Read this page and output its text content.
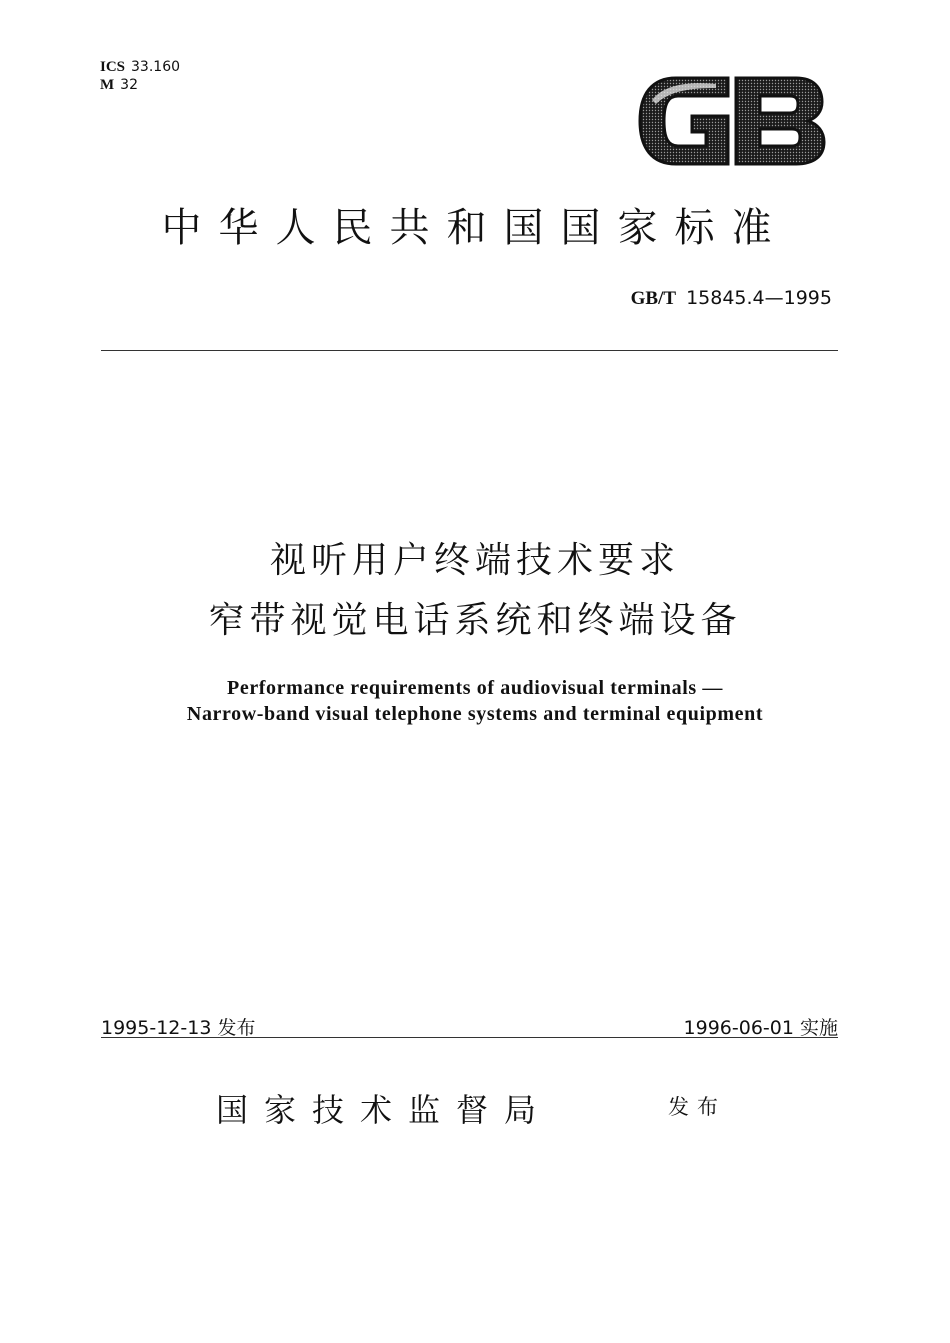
ICS 33.160
M 32
中华人民共和国国家标准
GB/T 15845.4—1995
视听用户终端技术要求
窄带视觉电话系统和终端设备
Performance requirements of audiovisual terminals —
Narrow-band visual telephone systems and terminal equipment
1995-12-13 发布	1996-06-01 实施
国家技术监督局	发布
